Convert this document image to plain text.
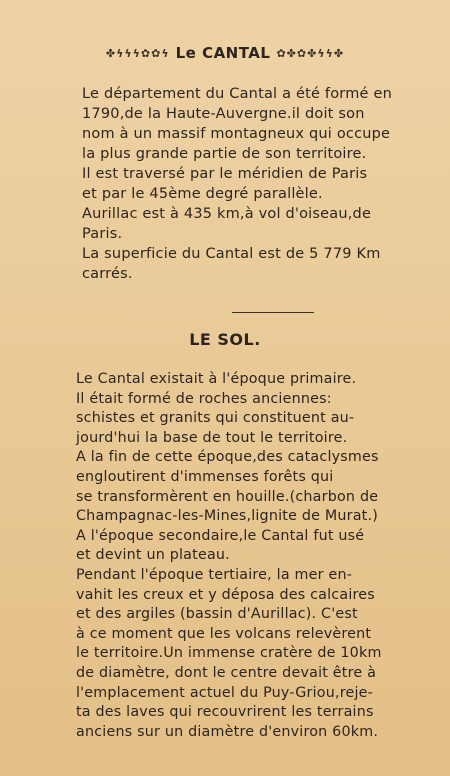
✤ϟϟϟ✿✿ϟ Le CANTAL ✿✤✿✤ϟϟ✤
Le département du Cantal a été formé en
1790,de la Haute-Auvergne.il doit son
nom à un massif montagneux qui occupe
la plus grande partie de son territoire.
Il est traversé par le méridien de Paris
et par le 45ème degré parallèle.
Aurillac est à 435 km,à vol d'oiseau,de
Paris.
La superficie du Cantal est de 5 779 Km
carrés.
LE SOL.
Le Cantal existait à l'époque primaire.
Il était formé de roches anciennes:
schistes et granits qui constituent au-
jourd'hui la base de tout le territoire.
A la fin de cette époque,des cataclysmes
engloutirent d'immenses forêts qui
se transformèrent en houille.(charbon de
Champagnac-les-Mines,lignite de Murat.)
A l'époque secondaire,le Cantal fut usé
et devint un plateau.
Pendant l'époque tertiaire, la mer en-
vahit les creux et y déposa des calcaires
et des argiles (bassin d'Aurillac). C'est
à ce moment que les volcans relevèrent
le territoire.Un immense cratère de 10km
de diamètre, dont le centre devait être à
l'emplacement actuel du Puy-Griou,reje-
ta des laves qui recouvrirent les terrains
anciens sur un diamètre d'environ 60km.
